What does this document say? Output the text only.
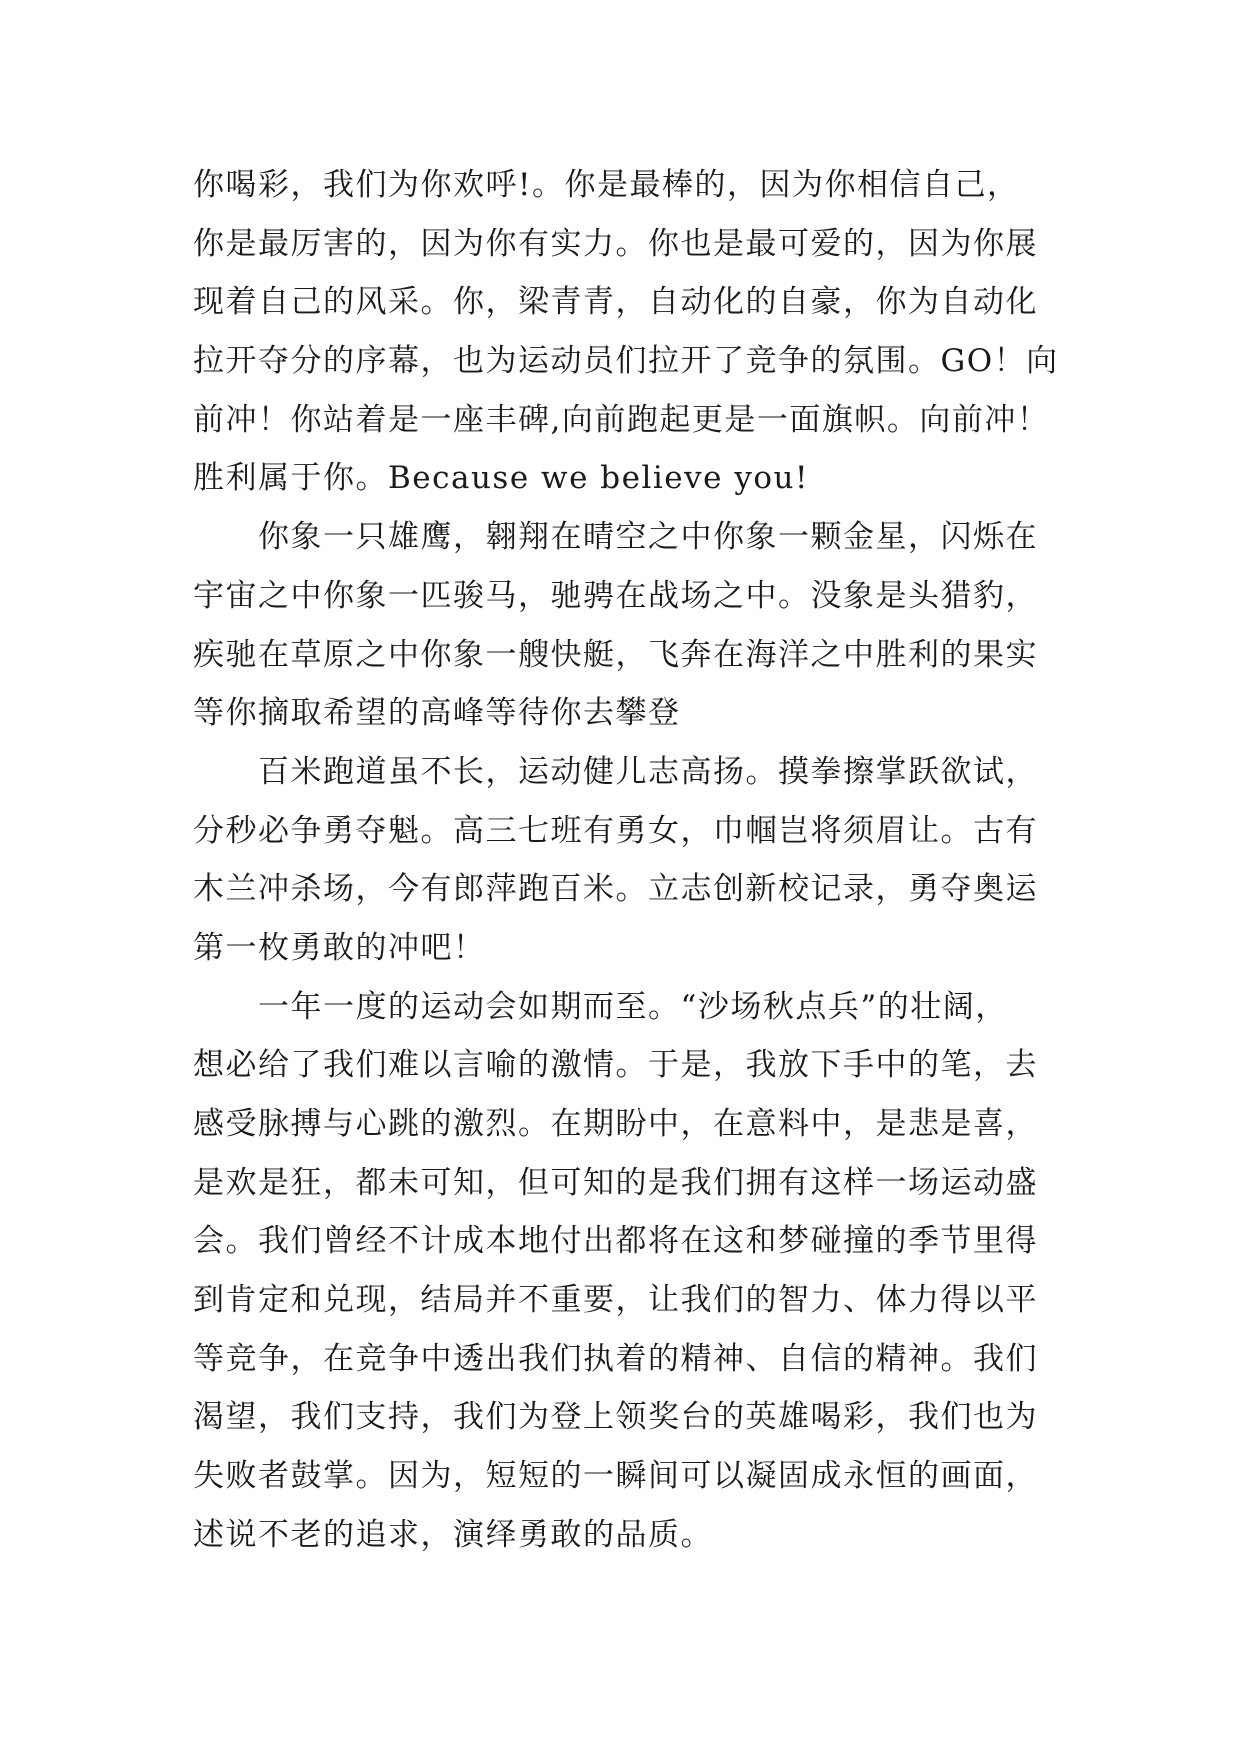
你喝彩，我们为你欢呼!。你是最棒的，因为你相信自己，
你是最厉害的，因为你有实力。你也是最可爱的，因为你展
现着自己的风采。你，梁青青，自动化的自豪，你为自动化
拉开夺分的序幕，也为运动员们拉开了竞争的氛围。GO！向
前冲！你站着是一座丰碑,向前跑起更是一面旗帜。向前冲！
胜利属于你。Because we believe you!
　　你象一只雄鹰，翱翔在晴空之中你象一颗金星，闪烁在
宇宙之中你象一匹骏马，驰骋在战场之中。没象是头猎豹，
疾驰在草原之中你象一艘快艇，飞奔在海洋之中胜利的果实
等你摘取希望的高峰等待你去攀登
　　百米跑道虽不长，运动健儿志高扬。摸拳擦掌跃欲试，
分秒必争勇夺魁。高三七班有勇女，巾帼岂将须眉让。古有
木兰冲杀场，今有郎萍跑百米。立志创新校记录，勇夺奥运
第一枚勇敢的冲吧！
　　一年一度的运动会如期而至。“沙场秋点兵”的壮阔，
想必给了我们难以言喻的激情。于是，我放下手中的笔，去
感受脉搏与心跳的激烈。在期盼中，在意料中，是悲是喜，
是欢是狂，都未可知，但可知的是我们拥有这样一场运动盛
会。我们曾经不计成本地付出都将在这和梦碰撞的季节里得
到肯定和兑现，结局并不重要，让我们的智力、体力得以平
等竞争，在竞争中透出我们执着的精神、自信的精神。我们
渴望，我们支持，我们为登上领奖台的英雄喝彩，我们也为
失败者鼓掌。因为，短短的一瞬间可以凝固成永恒的画面，
述说不老的追求，演绎勇敢的品质。
